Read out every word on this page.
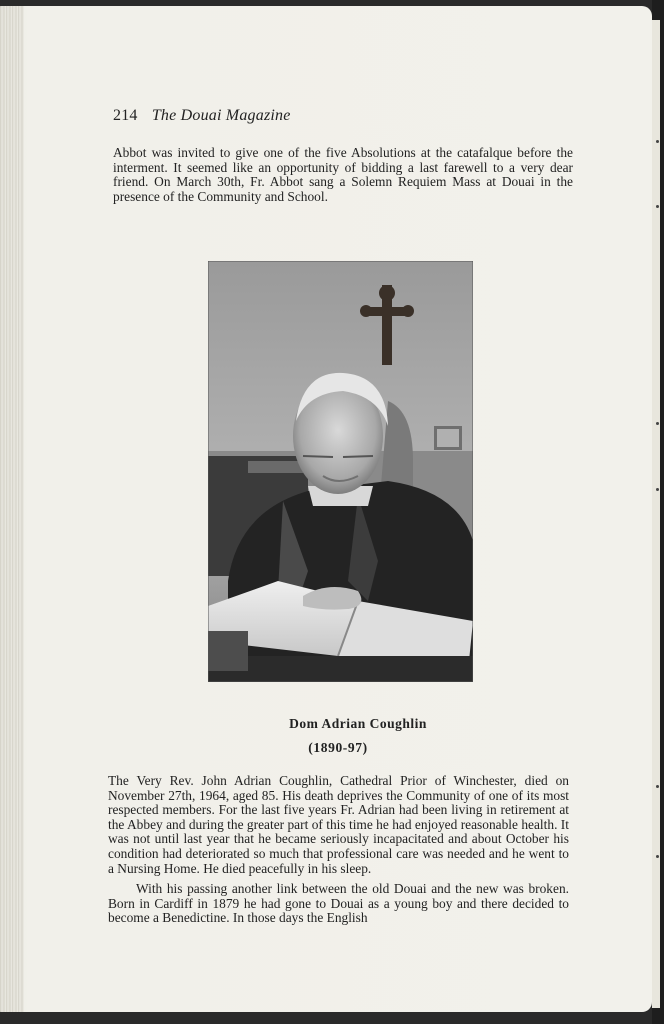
214 The Douai Magazine
Abbot was invited to give one of the five Absolutions at the catafalque before the interment. It seemed like an opportunity of bidding a last farewell to a very dear friend. On March 30th, Fr. Abbot sang a Solemn Requiem Mass at Douai in the presence of the Community and School.
Dom Adrian Coughlin
(1890-97)
The Very Rev. John Adrian Coughlin, Cathedral Prior of Winchester, died on November 27th, 1964, aged 85. His death deprives the Community of one of its most respected members. For the last five years Fr. Adrian had been living in retirement at the Abbey and during the greater part of this time he had enjoyed reasonable health. It was not until last year that he became seriously incapacitated and about October his condition had deteriorated so much that professional care was needed and he went to a Nursing Home. He died peacefully in his sleep.
With his passing another link between the old Douai and the new was broken. Born in Cardiff in 1879 he had gone to Douai as a young boy and there decided to become a Benedictine. In those days the English
